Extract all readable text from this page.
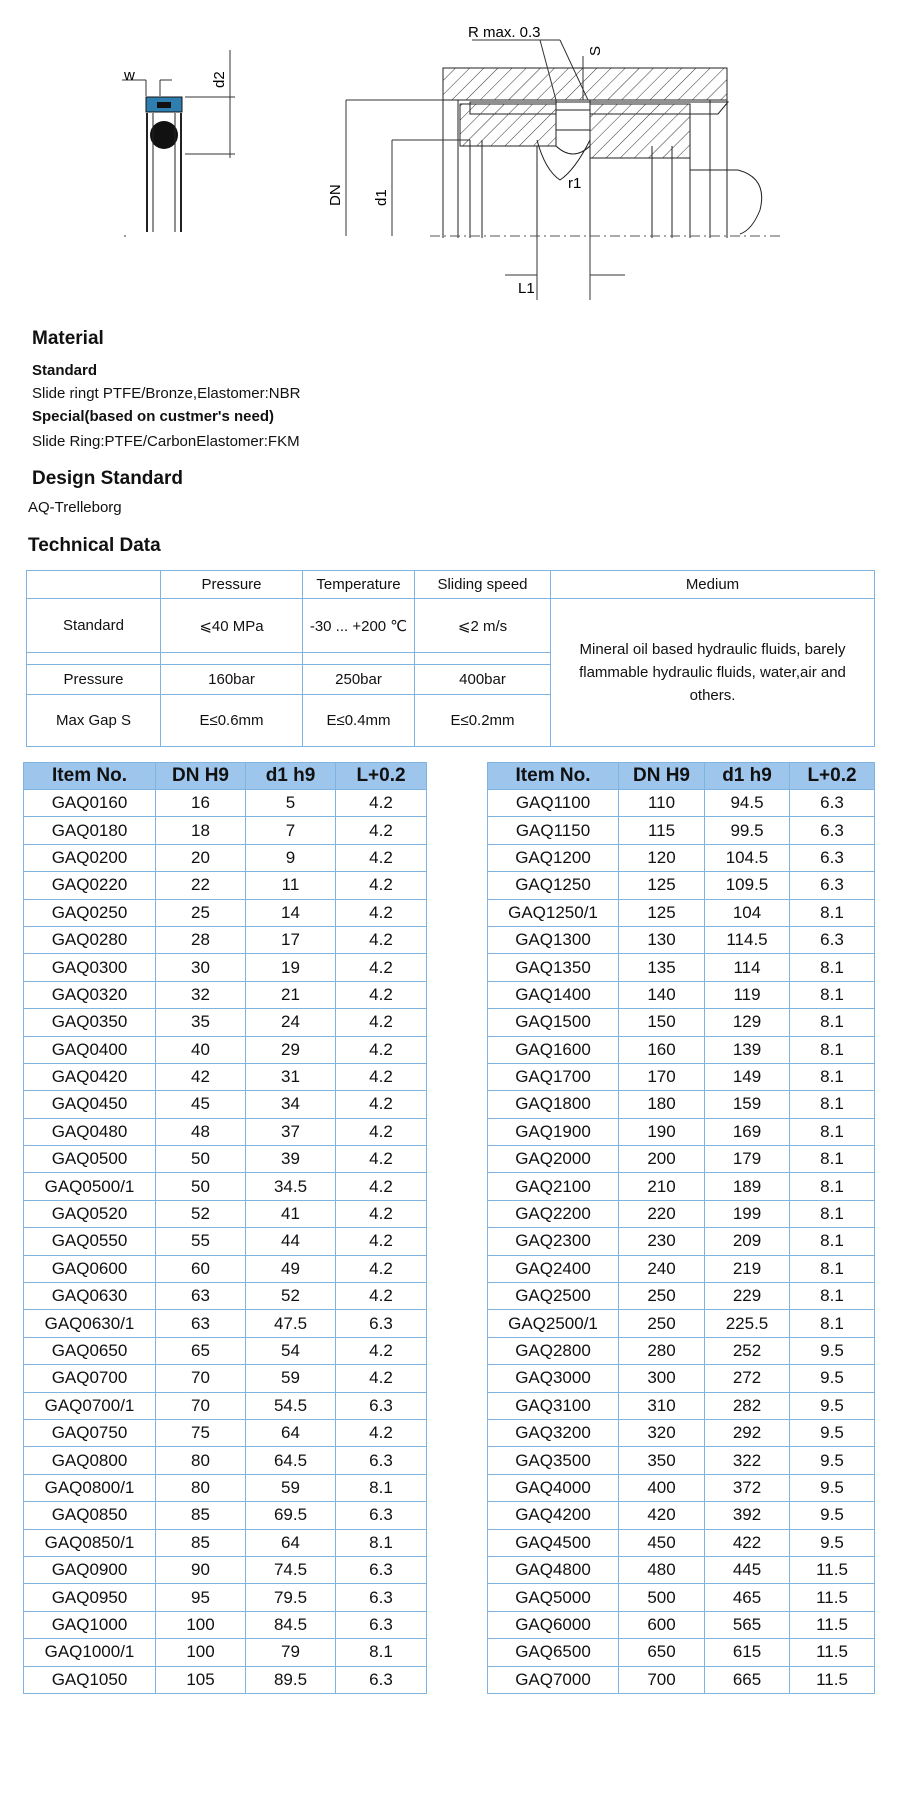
w	d2
R max. 0.3
S
DN d1
r1
L1
Material
Standard
Slide ringt PTFE/Bronze,Elastomer:NBR
Special(based on custmer's need)
Slide Ring:PTFE/CarbonElastomer:FKM
Design Standard
AQ-Trelleborg
Technical Data
	Pressure	Temperature	Sliding speed	Medium
Standard	⩽40 MPa	-30 ... +200 ℃	⩽2 m/s	Mineral oil based hydraulic fluids, barely flammable hydraulic fluids, water,air and others.

Pressure	160bar	250bar	400bar	
Max Gap S	E≤0.6mm	E≤0.4mm	E≤0.2mm	
Item No.	DN H9	d1 h9	L+0.2
GAQ0160	16	5	4.2
GAQ0180	18	7	4.2
GAQ0200	20	9	4.2
GAQ0220	22	11	4.2
GAQ0250	25	14	4.2
GAQ0280	28	17	4.2
GAQ0300	30	19	4.2
GAQ0320	32	21	4.2
GAQ0350	35	24	4.2
GAQ0400	40	29	4.2
GAQ0420	42	31	4.2
GAQ0450	45	34	4.2
GAQ0480	48	37	4.2
GAQ0500	50	39	4.2
GAQ0500/1	50	34.5	4.2
GAQ0520	52	41	4.2
GAQ0550	55	44	4.2
GAQ0600	60	49	4.2
GAQ0630	63	52	4.2
GAQ0630/1	63	47.5	6.3
GAQ0650	65	54	4.2
GAQ0700	70	59	4.2
GAQ0700/1	70	54.5	6.3
GAQ0750	75	64	4.2
GAQ0800	80	64.5	6.3
GAQ0800/1	80	59	8.1
GAQ0850	85	69.5	6.3
GAQ0850/1	85	64	8.1
GAQ0900	90	74.5	6.3
GAQ0950	95	79.5	6.3
GAQ1000	100	84.5	6.3
GAQ1000/1	100	79	8.1
GAQ1050	105	89.5	6.3
Item No.	DN H9	d1 h9	L+0.2
GAQ1100	110	94.5	6.3
GAQ1150	115	99.5	6.3
GAQ1200	120	104.5	6.3
GAQ1250	125	109.5	6.3
GAQ1250/1	125	104	8.1
GAQ1300	130	114.5	6.3
GAQ1350	135	114	8.1
GAQ1400	140	119	8.1
GAQ1500	150	129	8.1
GAQ1600	160	139	8.1
GAQ1700	170	149	8.1
GAQ1800	180	159	8.1
GAQ1900	190	169	8.1
GAQ2000	200	179	8.1
GAQ2100	210	189	8.1
GAQ2200	220	199	8.1
GAQ2300	230	209	8.1
GAQ2400	240	219	8.1
GAQ2500	250	229	8.1
GAQ2500/1	250	225.5	8.1
GAQ2800	280	252	9.5
GAQ3000	300	272	9.5
GAQ3100	310	282	9.5
GAQ3200	320	292	9.5
GAQ3500	350	322	9.5
GAQ4000	400	372	9.5
GAQ4200	420	392	9.5
GAQ4500	450	422	9.5
GAQ4800	480	445	11.5
GAQ5000	500	465	11.5
GAQ6000	600	565	11.5
GAQ6500	650	615	11.5
GAQ7000	700	665	11.5
